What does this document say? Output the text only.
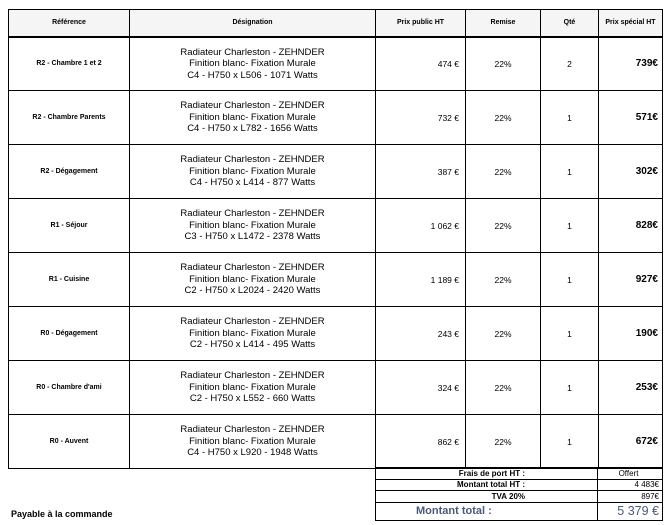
Référence	Désignation	Prix public HT	Remise	Qté	Prix spécial HT
R2 - Chambre 1 et 2	Radiateur Charleston - ZEHNDER
Finition blanc- Fixation Murale
C4 - H750 x L506 - 1071 Watts	474 €	22%	2	739€
R2 - Chambre Parents	Radiateur Charleston - ZEHNDER
Finition blanc- Fixation Murale
C4 - H750 x L782 - 1656 Watts	732 €	22%	1	571€
R2 - Dégagement	Radiateur Charleston - ZEHNDER
Finition blanc- Fixation Murale
C4 - H750 x L414 - 877 Watts	387 €	22%	1	302€
R1 - Séjour	Radiateur Charleston - ZEHNDER
Finition blanc- Fixation Murale
C3 - H750 x L1472 - 2378 Watts	1 062 €	22%	1	828€
R1 - Cuisine	Radiateur Charleston - ZEHNDER
Finition blanc- Fixation Murale
C2 - H750 x L2024 - 2420 Watts	1 189 €	22%	1	927€
R0 - Dégagement	Radiateur Charleston - ZEHNDER
Finition blanc- Fixation Murale
C2 - H750 x L414 - 495 Watts	243 €	22%	1	190€
R0 - Chambre d'ami	Radiateur Charleston - ZEHNDER
Finition blanc- Fixation Murale
C2 - H750 x L552 - 660 Watts	324 €	22%	1	253€
R0 - Auvent	Radiateur Charleston - ZEHNDER
Finition blanc- Fixation Murale
C4 - H750 x L920 - 1948 Watts	862 €	22%	1	672€
Frais de port HT :	Offert
Montant total HT :	4 483€
TVA 20%	897€
Montant total :	5 379 €
Payable à la commande
